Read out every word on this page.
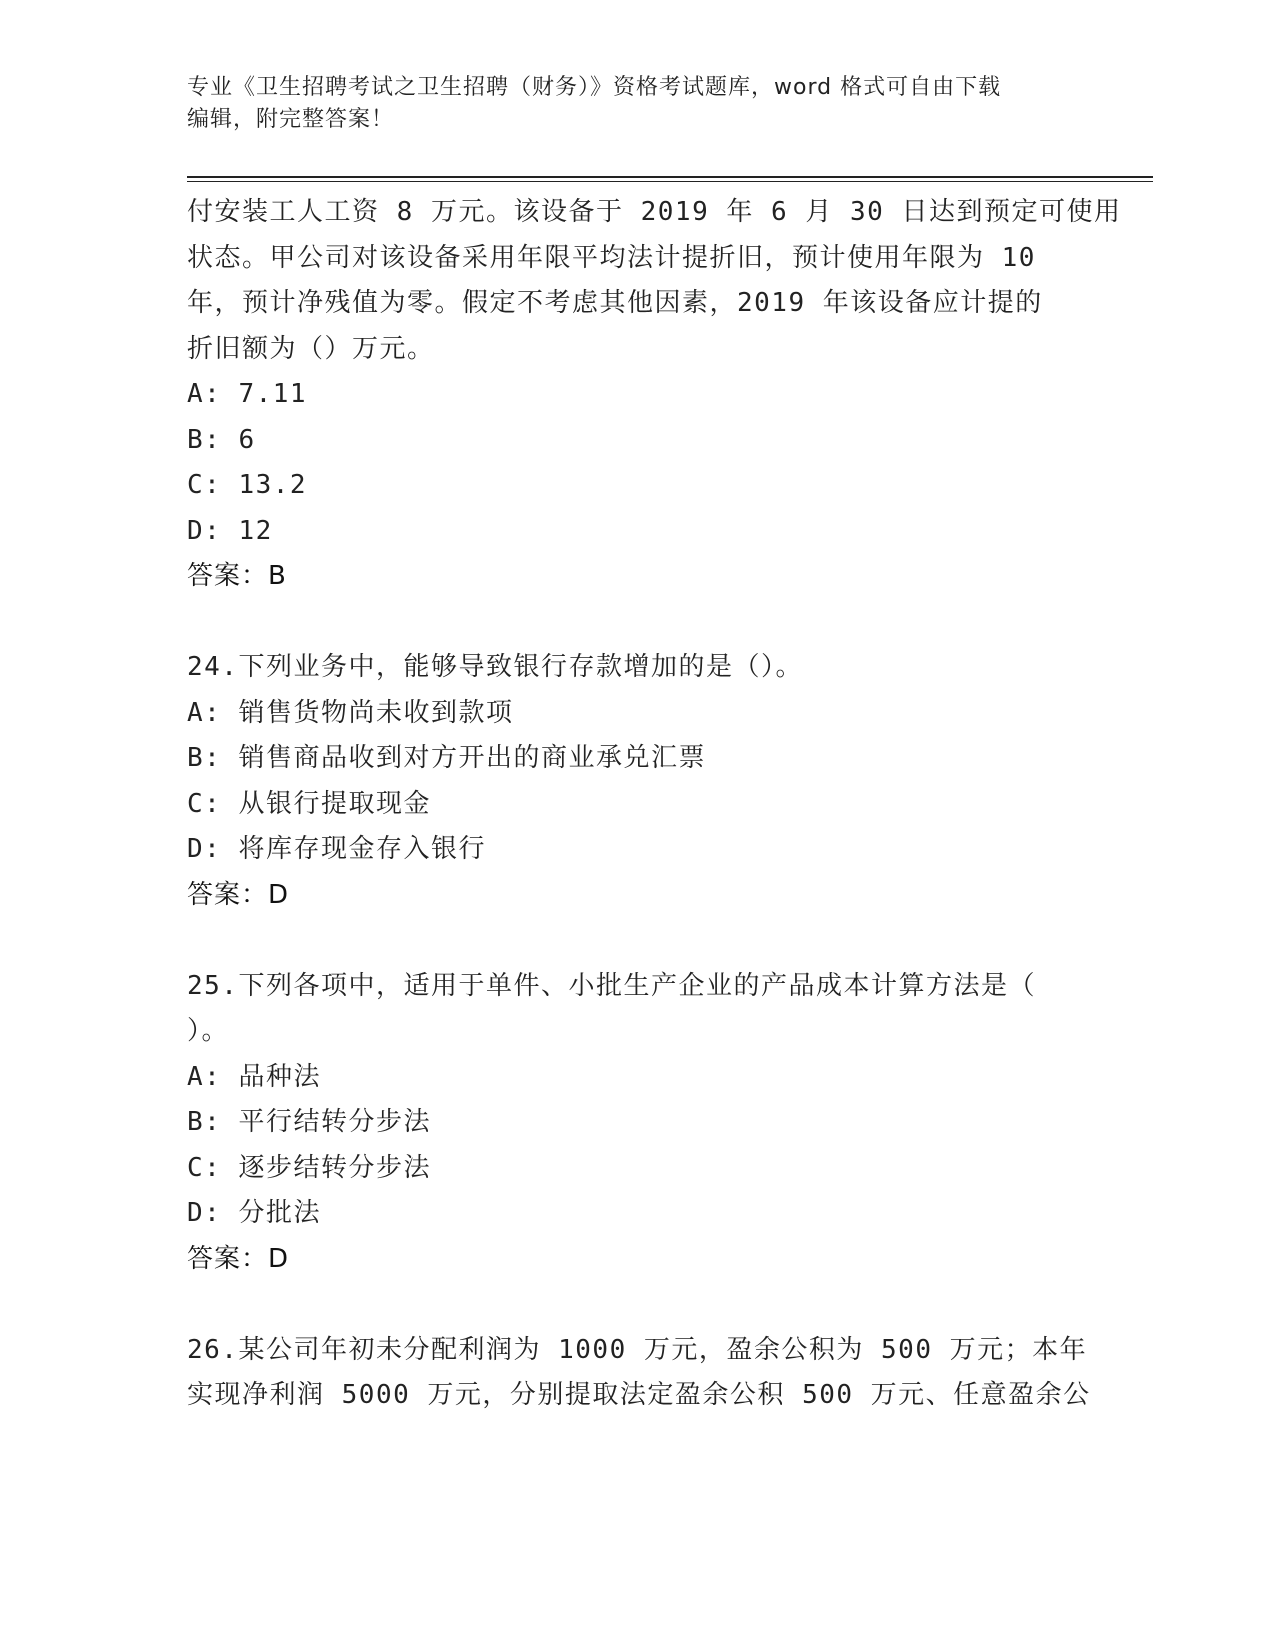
专业《卫生招聘考试之卫生招聘（财务）》资格考试题库，word 格式可自由下载
编辑，附完整答案！
付安装工人工资 8 万元。该设备于 2019 年 6 月 30 日达到预定可使用
状态。甲公司对该设备采用年限平均法计提折旧，预计使用年限为 10
年，预计净残值为零。假定不考虑其他因素，2019 年该设备应计提的
折旧额为（）万元。
A: 7.11
B: 6
C: 13.2
D: 12
答案：B
24.下列业务中，能够导致银行存款增加的是（）。
A: 销售货物尚未收到款项
B: 销售商品收到对方开出的商业承兑汇票
C: 从银行提取现金
D: 将库存现金存入银行
答案：D
25.下列各项中，适用于单件、小批生产企业的产品成本计算方法是（
）。
A: 品种法
B: 平行结转分步法
C: 逐步结转分步法
D: 分批法
答案：D
26.某公司年初未分配利润为 1000 万元，盈余公积为 500 万元；本年
实现净利润 5000 万元，分别提取法定盈余公积 500 万元、任意盈余公
